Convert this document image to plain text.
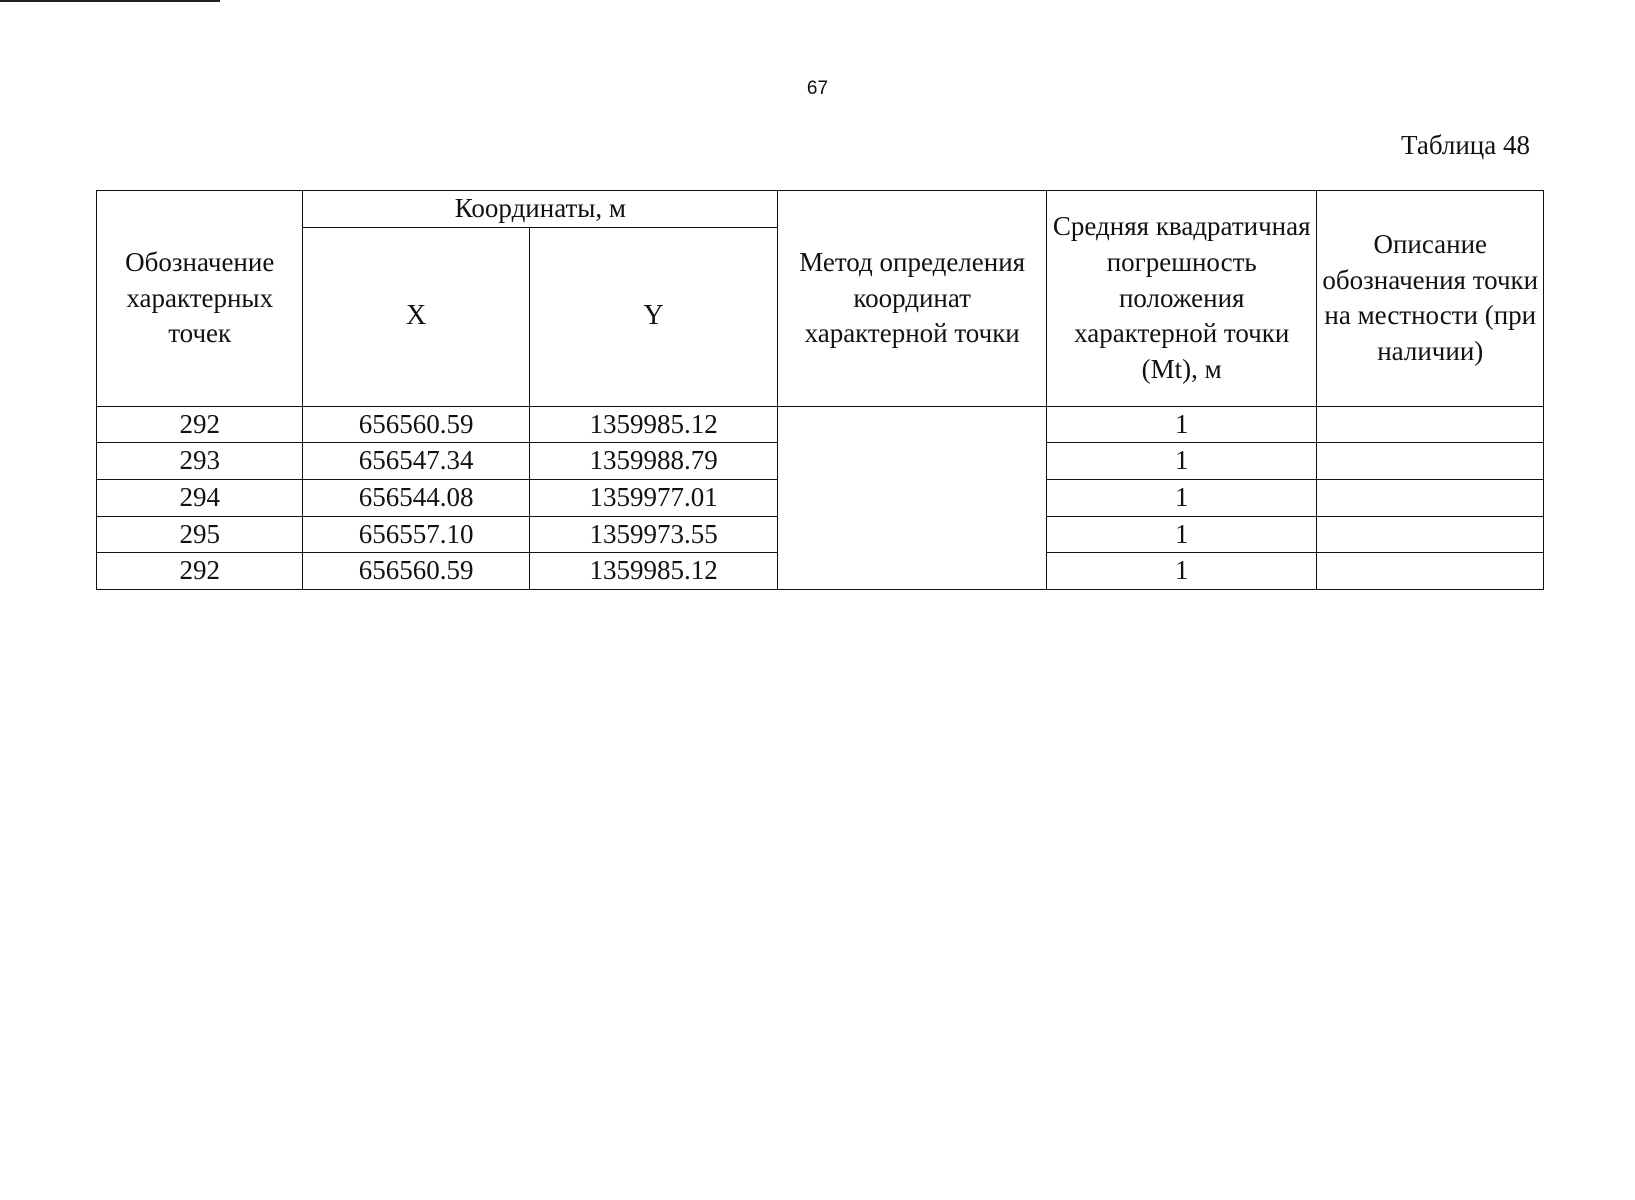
67
Таблица 48
Обозначение характерных точек	Координаты, м		Метод определения координат характерной точки	Средняя квадратичная погрешность положения характерной точки (Mt), м	Описание обозначения точки на местности (при наличии)
	X	Y			
292	656560.59	1359985.12		1	
293	656547.34	1359988.79		1	
294	656544.08	1359977.01		1	
295	656557.10	1359973.55		1	
292	656560.59	1359985.12		1	
